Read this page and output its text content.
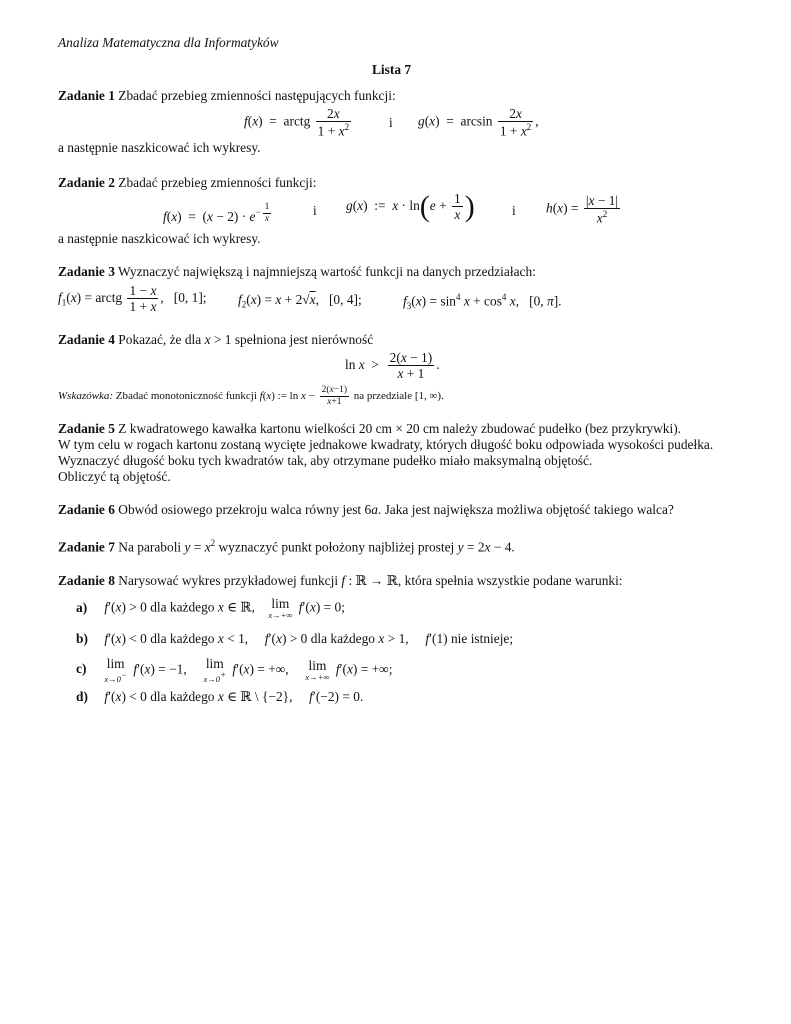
Analiza Matematyczna dla Informatyków
Lista 7
Zadanie 1 Zbadać przebieg zmienności następujących funkcji:
f(x)  =  arctg $\frac{2x}{1 + x^2}$	i $g(x) = \arcsin \frac{2x}{1 + x^2}$ ,
a następnie naszkicować ich wykresy.
Zadanie 2 Zbadać przebieg zmienności funkcji:
$f(x) = (x - 2) \cdot e^{- \frac{1}{x}}$	i g(x)  :=  $x \cdot \ln(e + \frac{1}{x}$ )	i $h(x) = \frac{|x - 1|}{x^2}$
a następnie naszkicować ich wykresy.
Zadanie 3 Wyznaczyć największą i najmniejszą wartość funkcji na danych przedziałach:
$f_1(x)$ = arctg $\frac{1 - x}{1 + x}$ ,   [0, 1]; $f_2(x) = x + 2√x$,   [0, 4];	$f_3(x) = \sin^4 x + \cos^4 x$,   [0, π].
Zadanie 4 Pokazać, że dla x > 1 spełniona jest nierówność
$\ln x > \frac{2(x - 1)}{x + 1}$ .
Wskazówka: Zbadać monotoniczność funkcji f(x) := $\ln x - \frac{2(x-1)}{x+1}$ na przedziale [1, ∞).
Zadanie 5 Z kwadratowego kawałka kartonu wielkości 20 cm × 20 cm należy zbudować pudełko (bez przykrywki).
W tym celu w rogach kartonu zostaną wycięte jednakowe kwadraty, których długość boku odpowiada wysokości pudełka.
Wyznaczyć długość boku tych kwadratów tak, aby otrzymane pudełko miało maksymalną objętość.
Obliczyć tą objętość.
Zadanie 6 Obwód osiowego przekroju walca równy jest 6a. Jaka jest największa możliwa objętość takiego walca?
Zadanie 7 Na paraboli $y = x^2$ wyznaczyć punkt położony najbliżej prostej y = 2x − 4.
Zadanie 8 Narysować wykres przykładowej funkcji f : ℝ → ℝ, która spełnia wszystkie podane warunki:
a) f′(x) > 0 dla każdego x ∈ ℝ,    lim
x→+∞
f′(x) = 0;
b) f′(x) < 0 dla każdego x < 1,     f′(x) > 0 dla każdego x > 1,     f′(1) nie istnieje;
c) lim
x→0− f′(x) = −1,     lim
x→0+ f′(x) = +∞,     lim
x→+∞
f′(x) = +∞;
d) f′(x) < 0 dla każdego x ∈ ℝ \ {−2},     f′(−2) = 0.
